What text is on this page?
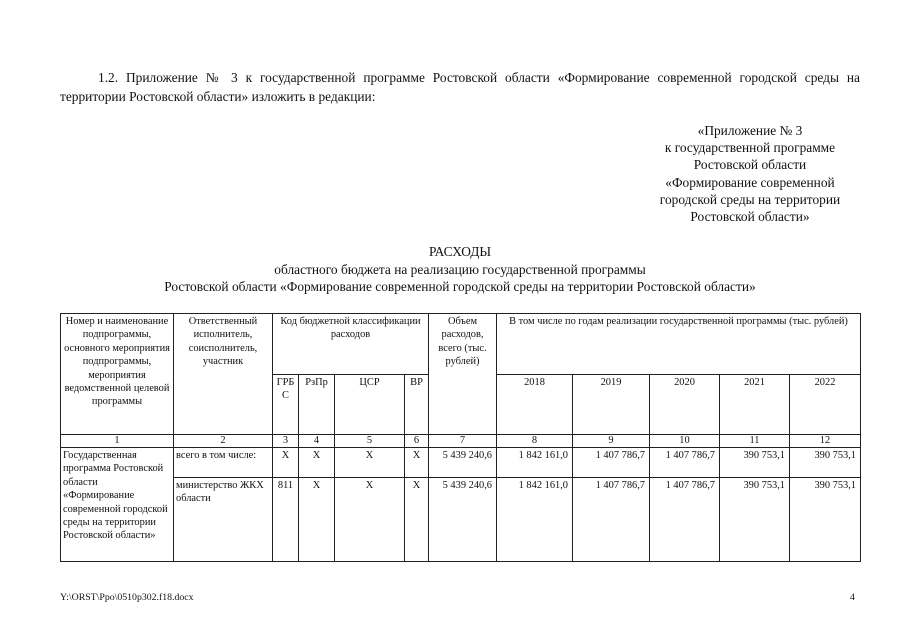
1.2. Приложение № 3 к государственной программе Ростовской области «Формирование современной городской среды на территории Ростовской области» изложить в редакции:
«Приложение № 3
к государственной программе
Ростовской области
«Формирование современной
городской среды на территории
Ростовской области»
РАСХОДЫ
областного бюджета на реализацию государственной программы
Ростовской области «Формирование современной городской среды на территории Ростовской области»
Номер и наименование подпрограммы, основного мероприятия подпрограммы, мероприятия ведомственной целевой программы	Ответственный исполнитель, соисполнитель, участник	Код бюджетной классификации расходов				Объем расходов, всего (тыс. рублей)	В том числе по годам реализации государственной программы (тыс. рублей)				
		ГРБС	РзПр	ЦСР	ВР		2018	2019	2020	2021	2022
1	2	3	4	5	6	7	8	9	10	11	12
Государственная программа Ростовской области «Формирование современной городской среды на территории Ростовской области»	всего в том числе:	X	X	X	X	5 439 240,6	1 842 161,0	1 407 786,7	1 407 786,7	390 753,1	390 753,1
	министерство ЖКХ области	811	X	X	X	5 439 240,6	1 842 161,0	1 407 786,7	1 407 786,7	390 753,1	390 753,1
Y:\ORST\Ppo\0510p302.f18.docx	4
